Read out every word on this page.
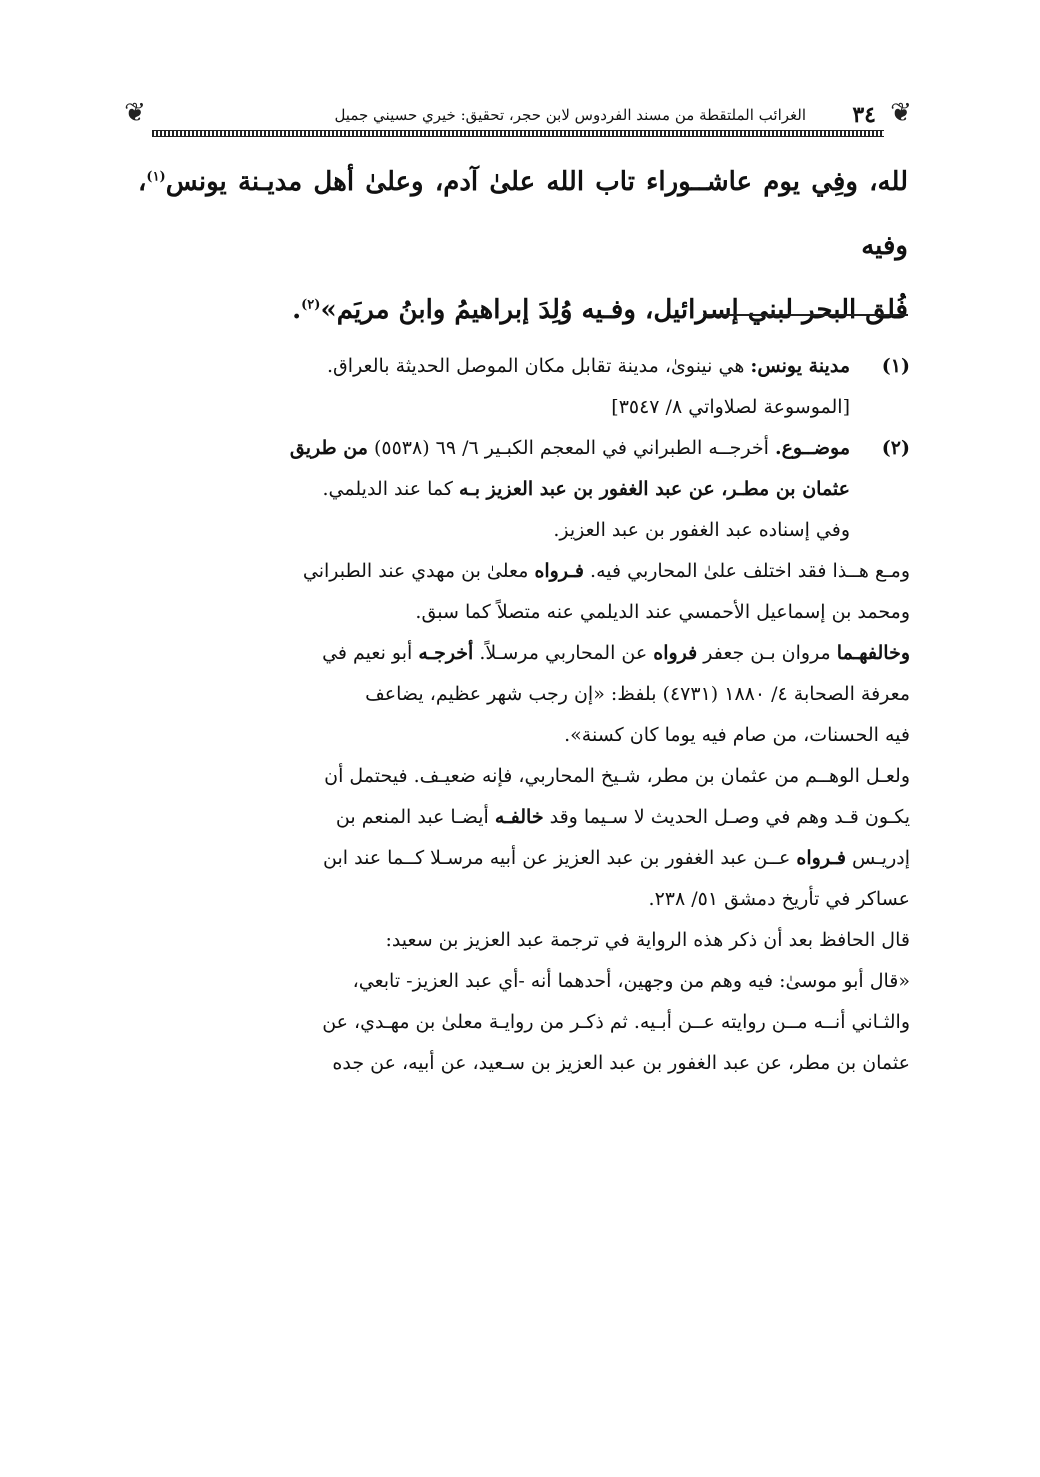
❦
٣٤
الغرائب الملتقطة من مسند الفردوس لابن حجر، تحقيق: خيري حسيني جميل
❦

لله، وفِي يوم عاشــوراء تاب الله علىٰ آدم، وعلىٰ أهل مديـنة يونس$^{(١)}$، وفيه

فُلق البحر لبني إسرائيل، وفـيه وُلِدَ إبراهيمُ وابنُ مريَم»$^{(٢)}$.

(١)مدينة يونس: هي نينوىٰ، مدينة تقابل مكان الموصل الحديثة بالعراق.
[الموسوعة لصلاواتي ٨/ ٣٥٤٧]
(٢)موضــوع. أخرجــه الطبراني في المعجم الكبـير ٦/ ٦٩ (٥٥٣٨) من طريق
عثمان بن مطـر، عن عبد الغفور بن عبد العزيز بـه كما عند الديلمي.
وفي إسناده عبد الغفور بن عبد العزيز.
ومـع هــذا فقد اختلف علىٰ المحاربي فيه. فـرواه معلىٰ بن مهدي عند الطبراني
ومحمد بن إسماعيل الأحمسي عند الديلمي عنه متصلاً كما سبق.
وخالفهـما مروان بـن جعفر فرواه عن المحاربي مرسـلاً. أخرجـه أبو نعيم في
معرفة الصحابة ٤/ ١٨٨٠ (٤٧٣١) بلفظ: «إن رجب شهر عظيم، يضاعف
فيه الحسنات، من صام فيه يوما كان كسنة».
ولعـل الوهــم من عثمان بن مطر، شـيخ المحاربي، فإنه ضعيـف. فيحتمل أن
يكـون قـد وهم في وصـل الحديث لا سـيما وقد خالفـه أيضـا عبد المنعم بن
إدريـس فـرواه عــن عبد الغفور بن عبد العزيز عن أبيه مرسـلا كــما عند ابن
عساكر في تأريخ دمشق ٥١/ ٢٣٨.
قال الحافظ بعد أن ذكر هذه الرواية في ترجمة عبد العزيز بن سعيد:
«قال أبو موسىٰ: فيه وهم من وجهين، أحدهما أنه -أي عبد العزيز- تابعي،
والثـاني أنــه مــن روايته عــن أبـيه. ثم ذكـر من روايـة معلىٰ بن مهـدي، عن
عثمان بن مطر، عن عبد الغفور بن عبد العزيز بن سـعيد، عن أبيه، عن جده
